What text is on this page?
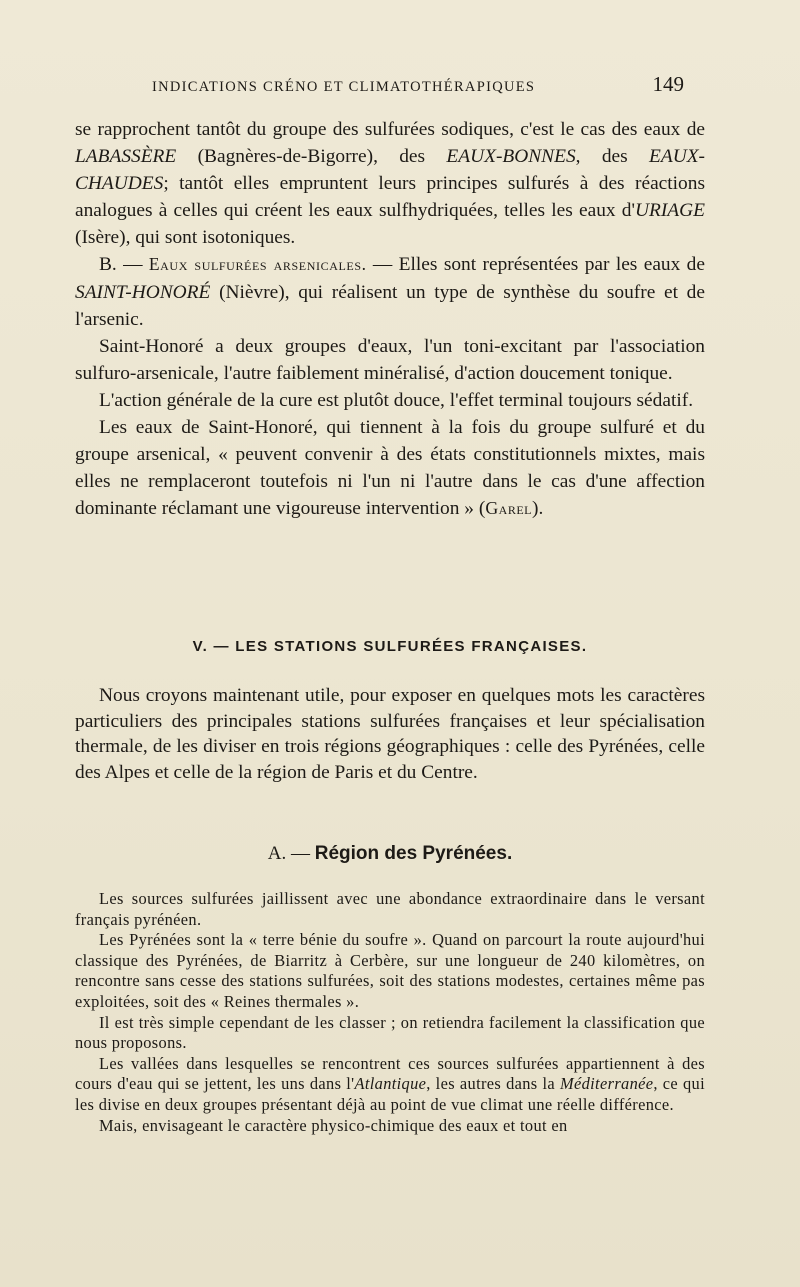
INDICATIONS CRÉNO ET CLIMATOTHÉRAPIQUES	149

se rapprochent tantôt du groupe des sulfurées sodiques, c'est le cas des eaux de LABASSÈRE (Bagnères-de-Bigorre), des EAUX-BONNES, des EAUX-CHAUDES; tantôt elles empruntent leurs principes sulfurés à des réactions analogues à celles qui créent les eaux sulfhydriquées, telles les eaux d'URIAGE (Isère), qui sont isotoniques.

B. — Eaux sulfurées arsenicales. — Elles sont représentées par les eaux de SAINT-HONORÉ (Nièvre), qui réalisent un type de synthèse du soufre et de l'arsenic.

Saint-Honoré a deux groupes d'eaux, l'un toni-excitant par l'association sulfuro-arsenicale, l'autre faiblement minéralisé, d'action doucement tonique.

L'action générale de la cure est plutôt douce, l'effet terminal toujours sédatif.

Les eaux de Saint-Honoré, qui tiennent à la fois du groupe sulfuré et du groupe arsenical, « peuvent convenir à des états constitutionnels mixtes, mais elles ne remplaceront toutefois ni l'un ni l'autre dans le cas d'une affection dominante réclamant une vigoureuse intervention » (Garel).

V. — LES STATIONS SULFURÉES FRANÇAISES.

Nous croyons maintenant utile, pour exposer en quelques mots les caractères particuliers des principales stations sulfurées françaises et leur spécialisation thermale, de les diviser en trois régions géographiques : celle des Pyrénées, celle des Alpes et celle de la région de Paris et du Centre.

A. — Région des Pyrénées.

Les sources sulfurées jaillissent avec une abondance extraordinaire dans le versant français pyrénéen.

Les Pyrénées sont la « terre bénie du soufre ». Quand on parcourt la route aujourd'hui classique des Pyrénées, de Biarritz à Cerbère, sur une longueur de 240 kilomètres, on rencontre sans cesse des stations sulfurées, soit des stations modestes, certaines même pas exploitées, soit des « Reines thermales ».

Il est très simple cependant de les classer ; on retiendra facilement la classification que nous proposons.

Les vallées dans lesquelles se rencontrent ces sources sulfurées appartiennent à des cours d'eau qui se jettent, les uns dans l'Atlantique, les autres dans la Méditerranée, ce qui les divise en deux groupes présentant déjà au point de vue climat une réelle différence.

Mais, envisageant le caractère physico-chimique des eaux et tout en
